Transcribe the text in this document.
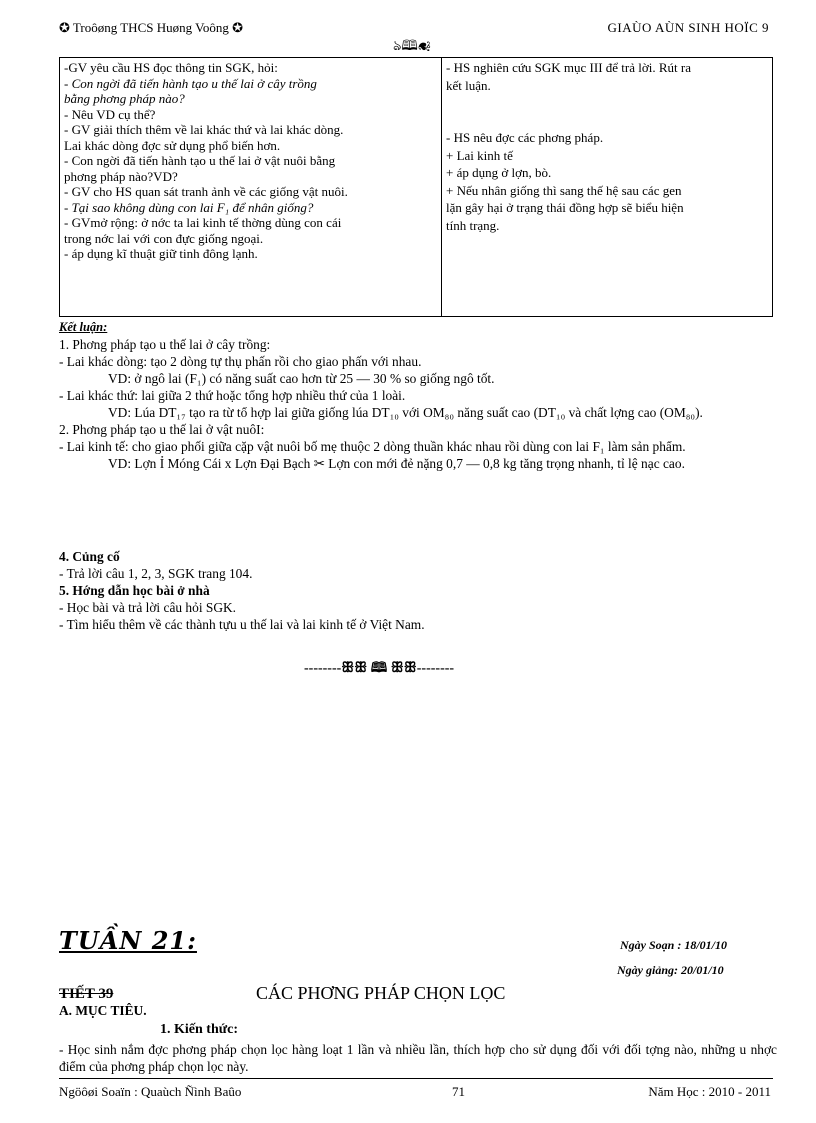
✪ Troôøng THCS Huøng Voông ✪	GIAÙO AÙN SINH HOÏC 9
ঌ🕮☙
-GV yêu cầu HS đọc thông tin SGK, hỏi:
- Con ngời đã tiến hành tạo u thế lai ở cây trồng
bằng phơng pháp nào?
- Nêu VD cụ thể?
- GV giải thích thêm về lai khác thứ và lai khác dòng.
Lai khác dòng đợc sử dụng phổ biến hơn.
- Con ngời đã tiến hành tạo u thế lai ở vật nuôi bằng
phơng pháp nào?VD?
- GV cho HS quan sát tranh ảnh về các giống vật nuôi.
- Tại sao không dùng con lai F₁ để nhân giống?
- GVmở rộng: ở nớc ta lai kinh tế thờng dùng con cái
trong nớc lai với con đực giống ngoại.
- áp dụng kĩ thuật giữ tinh đông lạnh.
- HS nghiên cứu SGK mục III để trả lời. Rút ra
kết luận.
- HS nêu đợc các phơng pháp.
+ Lai kinh tế
+ áp dụng ở lợn, bò.
+ Nếu nhân giống thì sang thế hệ sau các gen
lặn gây hại ở trạng thái đồng hợp sẽ biểu hiện
tính trạng.
Kết luận:
1. Phơng pháp tạo u thế lai ở cây trồng:
- Lai khác dòng: tạo 2 dòng tự thụ phấn rồi cho giao phấn với nhau.
VD: ở ngô lai (F₁) có năng suất cao hơn từ 25 — 30 % so giống ngô tốt.
- Lai khác thứ: lai giữa 2 thứ hoặc tổng hợp nhiều thứ của 1 loài.
VD: Lúa DT₁₇ tạo ra từ tổ hợp lai giữa giống lúa DT₁₀ với OM₈₀ năng suất cao (DT₁₀ và chất lợng cao (OM₈₀).
2. Phơng pháp tạo u thế lai ở vật nuôI:
- Lai kinh tế: cho giao phối giữa cặp vật nuôi bố mẹ thuộc 2 dòng thuần khác nhau rồi dùng con lai F₁ làm sản phẩm.
VD: Lợn Ỉ Móng Cái x Lợn Đại Bạch ✂ Lợn con mới đẻ nặng 0,7 — 0,8 kg tăng trọng nhanh, tỉ lệ nạc cao.
4. Củng cố
- Trả lời câu 1, 2, 3, SGK trang 104.
5. Hớng dẫn học bài ở nhà
- Học bài và trả lời câu hỏi SGK.
- Tìm hiểu thêm về các thành tựu u thế lai và lai kinh tế ở Việt Nam.
--------ꕥꕥ 🕮 ꕥꕥ--------
TUẦN 21:	Ngày Soạn : 18/01/10
Ngày giảng: 20/01/10
TIẾT 39	CÁC PHƠNG PHÁP CHỌN LỌC
A. MỤC TIÊU.
1. Kiến thức:
- Học sinh nắm đợc phơng pháp chọn lọc hàng loạt 1 lần và nhiều lần, thích hợp cho sử dụng đối với đối tợng nào, những u nhợc điểm của phơng pháp chọn lọc này.
Ngöôøi Soaïn : Quaùch Ñình Baûo	71	Năm Học : 2010 - 2011
